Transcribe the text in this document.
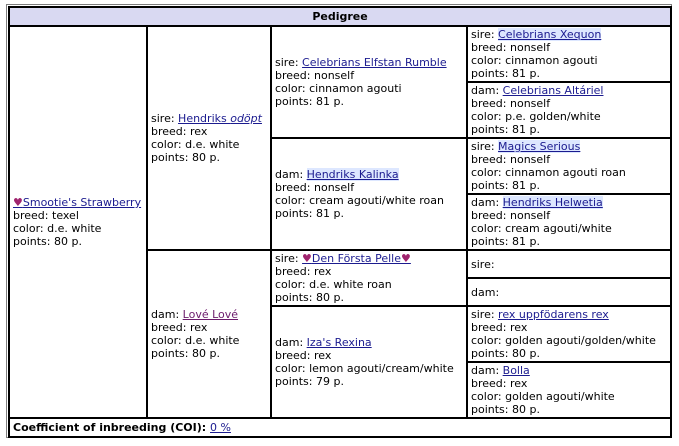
Pedigree			
♥Smootie's Strawberry
breed: texel
color: d.e. white
points: 80 p.	sire: Hendriks odöpt
breed: rex
color: d.e. white
points: 80 p.	sire: Celebrians Elfstan Rumble
breed: nonself
color: cinnamon agouti
points: 81 p.	sire: Celebrians Xequon
breed: nonself
color: cinnamon agouti
points: 81 p.
			dam: Celebrians Altáriel
breed: nonself
color: p.e. golden/white
points: 81 p.
		dam: Hendriks Kalinka
breed: nonself
color: cream agouti/white roan
points: 81 p.	sire: Magics Serious
breed: nonself
color: cinnamon agouti roan
points: 81 p.
			dam: Hendriks Helwetia
breed: nonself
color: cream agouti/white
points: 81 p.
	dam: Lové Lové
breed: rex
color: d.e. white
points: 80 p.	sire: ♥Den Första Pelle♥
breed: rex
color: d.e. white roan
points: 80 p.	sire:
			dam:
		dam: Iza's Rexina
breed: rex
color: lemon agouti/cream/white
points: 79 p.	sire: rex uppfödarens rex
breed: rex
color: golden agouti/golden/white
points: 80 p.
			dam: Bolla
breed: rex
color: golden agouti/white
points: 80 p.
Coefficient of inbreeding (COI): 0 %			
